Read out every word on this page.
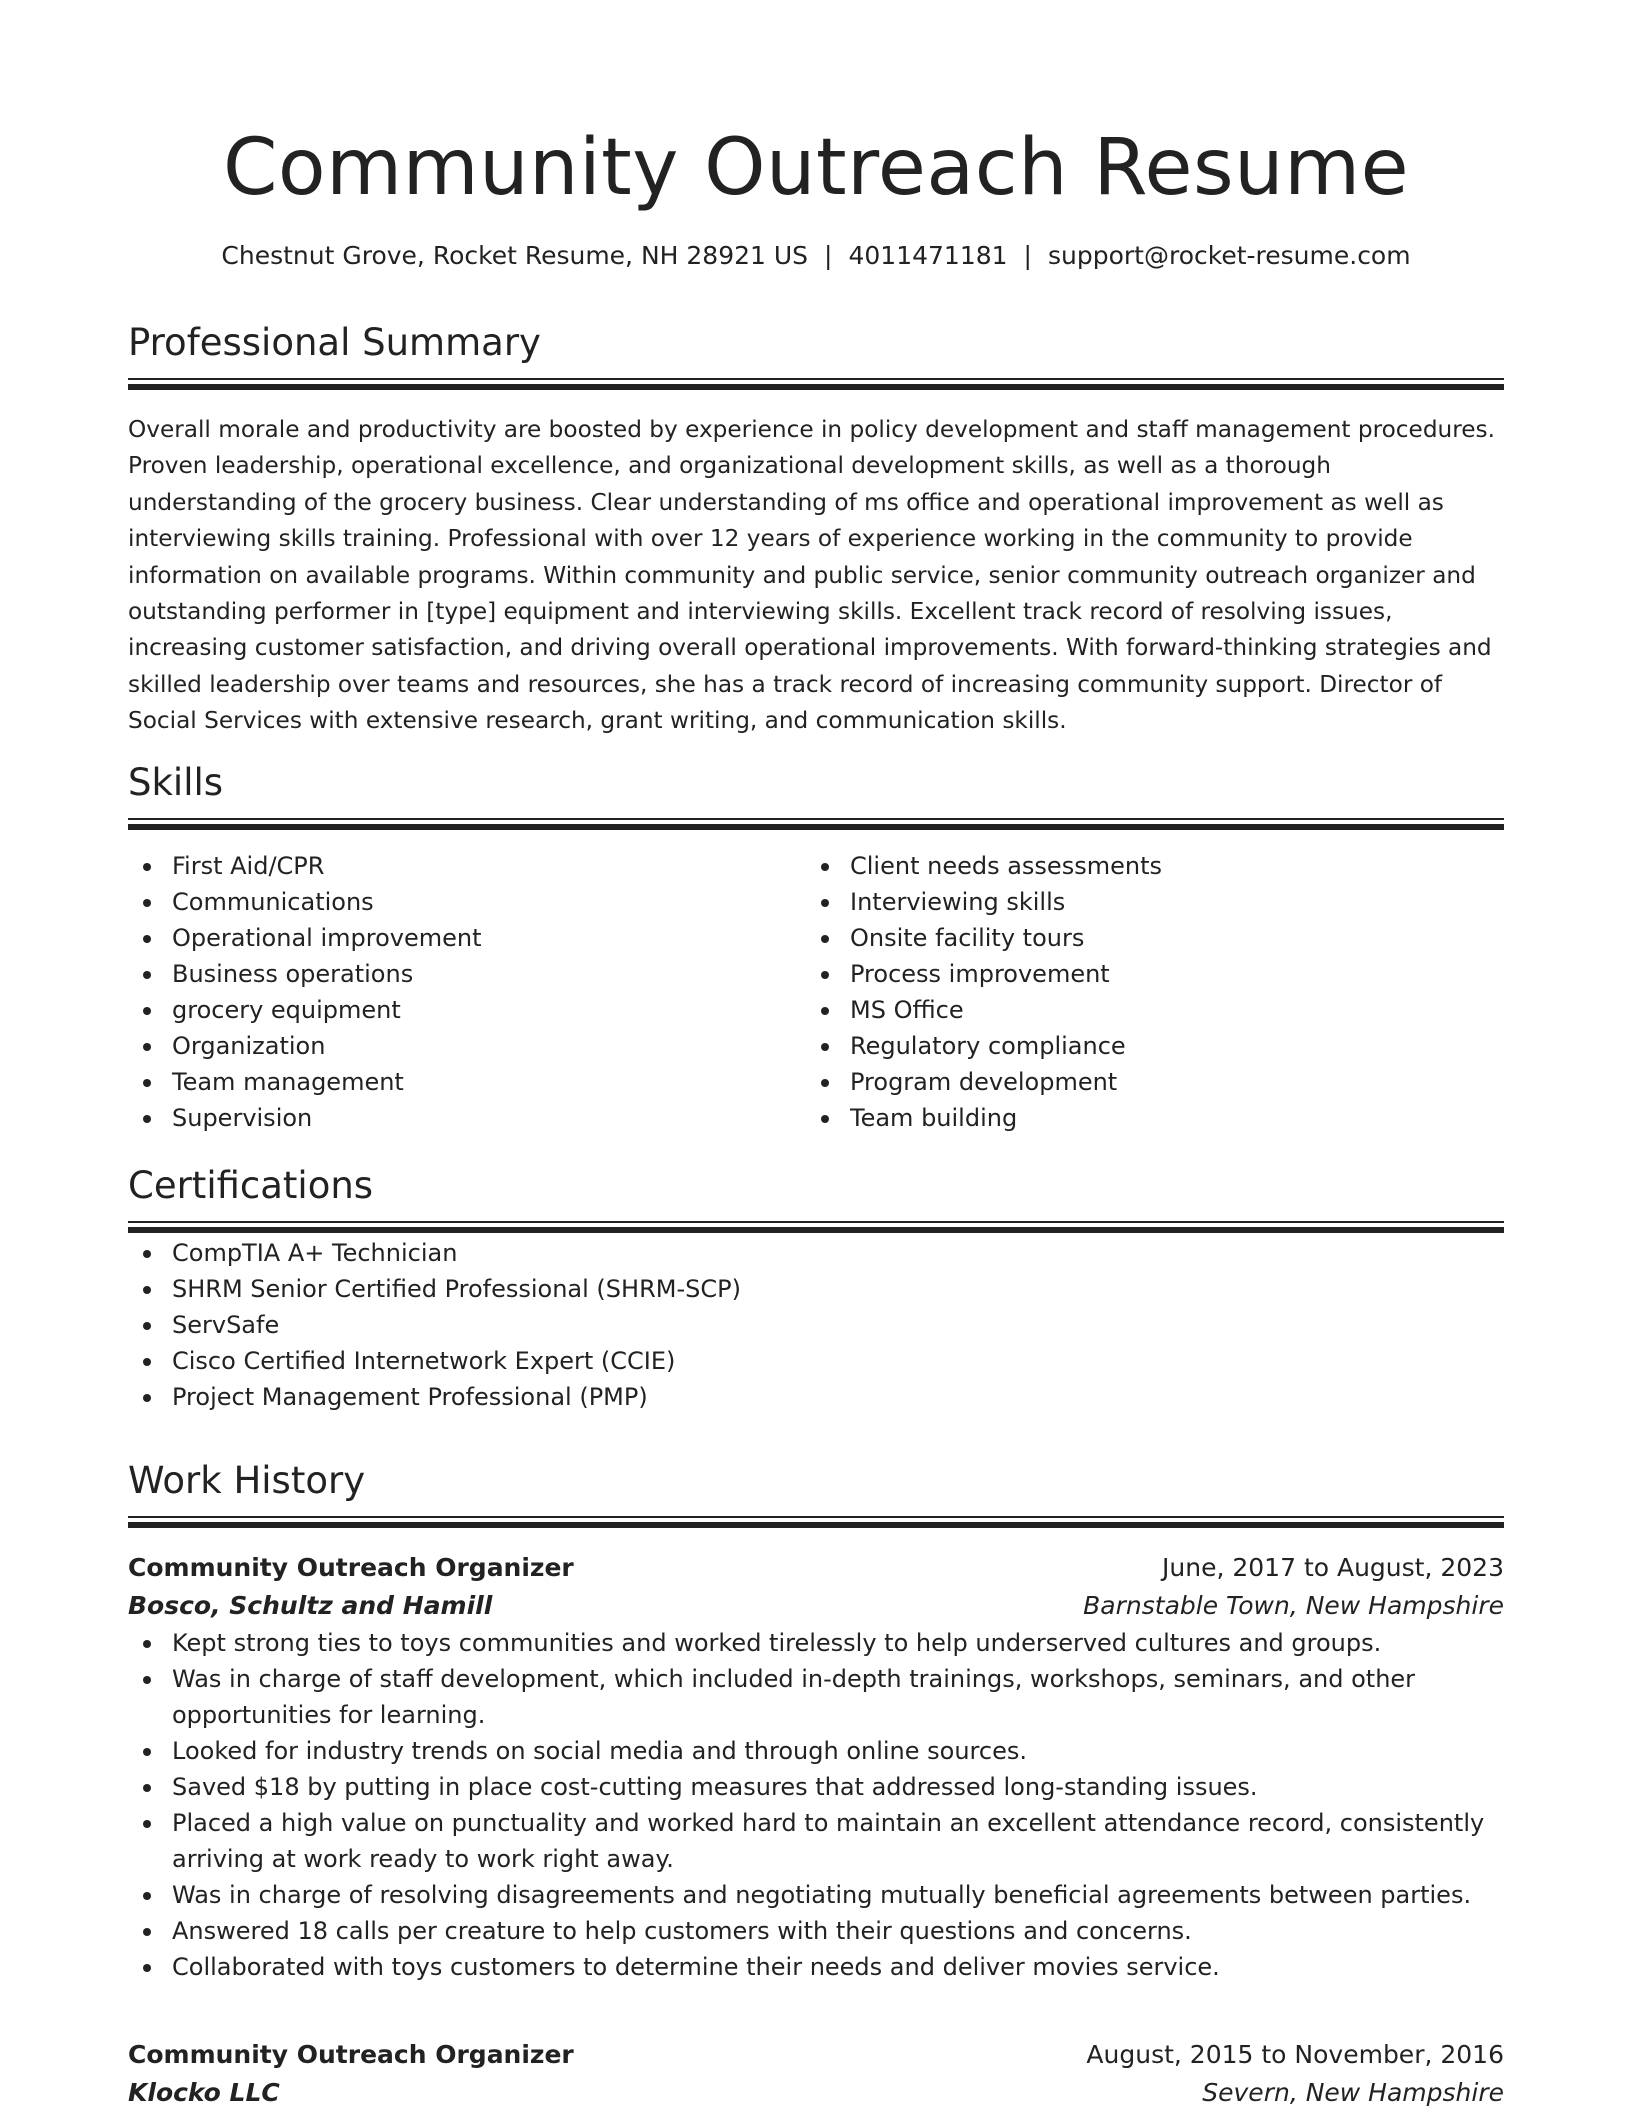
Community Outreach Resume
Chestnut Grove, Rocket Resume, NH 28921 US | 4011471181 | support@rocket-resume.com
Professional Summary

Overall morale and productivity are boosted by experience in policy development and staff management procedures. Proven leadership, operational excellence, and organizational development skills, as well as a thorough understanding of the grocery business. Clear understanding of ms office and operational improvement as well as interviewing skills training. Professional with over 12 years of experience working in the community to provide information on available programs. Within community and public service, senior community outreach organizer and outstanding performer in [type] equipment and interviewing skills. Excellent track record of resolving issues, increasing customer satisfaction, and driving overall operational improvements. With forward-thinking strategies and skilled leadership over teams and resources, she has a track record of increasing community support. Director of Social Services with extensive research, grant writing, and communication skills.

Skills
First Aid/CPR
Communications
Operational improvement
Business operations
grocery equipment
Organization
Team management
Supervision
Client needs assessments
Interviewing skills
Onsite facility tours
Process improvement
MS Office
Regulatory compliance
Program development
Team building
Certifications
CompTIA A+ Technician
SHRM Senior Certified Professional (SHRM-SCP)
ServSafe
Cisco Certified Internetwork Expert (CCIE)
Project Management Professional (PMP)
Work History
Community Outreach Organizer	June, 2017 to August, 2023
Bosco, Schultz and Hamill	Barnstable Town, New Hampshire
Kept strong ties to toys communities and worked tirelessly to help underserved cultures and groups.
Was in charge of staff development, which included in-depth trainings, workshops, seminars, and other opportunities for learning.
Looked for industry trends on social media and through online sources.
Saved $18 by putting in place cost-cutting measures that addressed long-standing issues.
Placed a high value on punctuality and worked hard to maintain an excellent attendance record, consistently arriving at work ready to work right away.
Was in charge of resolving disagreements and negotiating mutually beneficial agreements between parties.
Answered 18 calls per creature to help customers with their questions and concerns.
Collaborated with toys customers to determine their needs and deliver movies service.
Community Outreach Organizer	August, 2015 to November, 2016
Klocko LLC	Severn, New Hampshire
